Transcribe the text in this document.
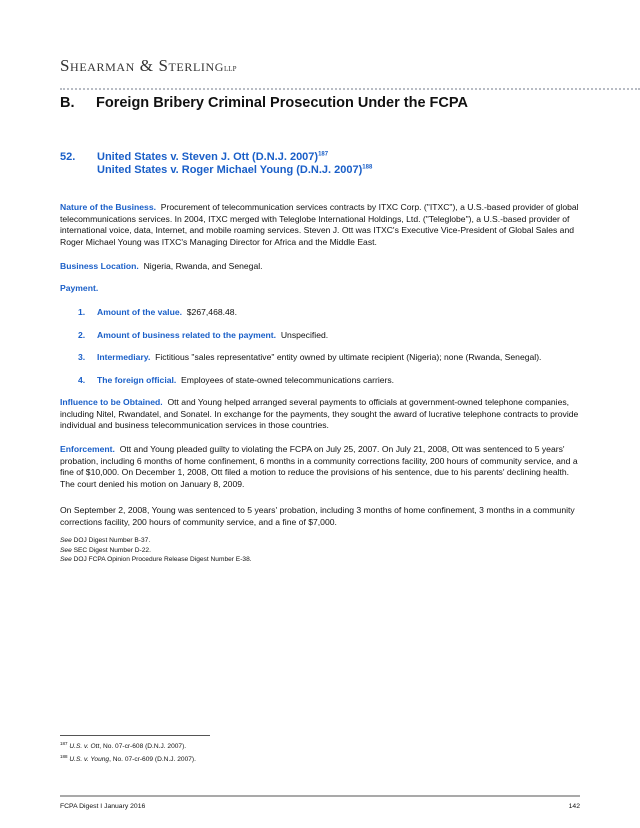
Shearman & SterlingLLP
B. Foreign Bribery Criminal Prosecution Under the FCPA
52. United States v. Steven J. Ott (D.N.J. 2007)$^{187}$
United States v. Roger Michael Young (D.N.J. 2007)$^{188}$
Nature of the Business. Procurement of telecommunication services contracts by ITXC Corp. ("ITXC"), a U.S.-based provider of global
telecommunications services. In 2004, ITXC merged with Teleglobe International Holdings, Ltd. ("Teleglobe"), a U.S.-based provider of
international voice, data, Internet, and mobile roaming services. Steven J. Ott was ITXC's Executive Vice-President of Global Sales and
Roger Michael Young was ITXC's Managing Director for Africa and the Middle East.
Business Location. Nigeria, Rwanda, and Senegal.
Payment.
1. Amount of the value. $267,468.48.
2. Amount of business related to the payment. Unspecified.
3. Intermediary. Fictitious "sales representative" entity owned by ultimate recipient (Nigeria); none (Rwanda, Senegal).
4. The foreign official. Employees of state-owned telecommunications carriers.
Influence to be Obtained. Ott and Young helped arranged several payments to officials at government-owned telephone companies,
including Nitel, Rwandatel, and Sonatel. In exchange for the payments, they sought the award of lucrative telephone contracts to provide
individual and business telecommunication services in those countries.
Enforcement. Ott and Young pleaded guilty to violating the FCPA on July 25, 2007. On July 21, 2008, Ott was sentenced to 5 years'
probation, including 6 months of home confinement, 6 months in a community corrections facility, 200 hours of community service, and a
fine of $10,000. On December 1, 2008, Ott filed a motion to reduce the provisions of his sentence, due to his parents' declining health.
The court denied his motion on January 8, 2009.
On September 2, 2008, Young was sentenced to 5 years' probation, including 3 months of home confinement, 3 months in a community
corrections facility, 200 hours of community service, and a fine of $7,000.
See DOJ Digest Number B-37.
See SEC Digest Number D-22.
See DOJ FCPA Opinion Procedure Release Digest Number E-38.
$^{187}$ U.S. v. Ott, No. 07-cr-608 (D.N.J. 2007).
$^{188}$ U.S. v. Young, No. 07-cr-609 (D.N.J. 2007).
FCPA Digest I January 2016	142
